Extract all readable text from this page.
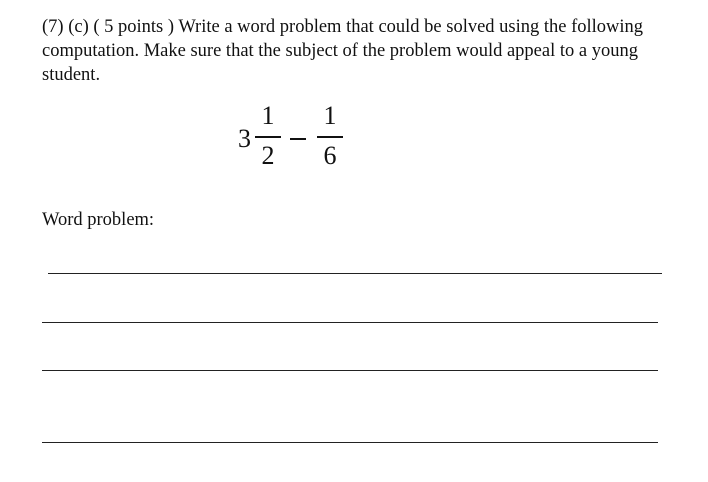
(7) (c) ( 5 points ) Write a word problem that could be solved using the following computation. Make sure that the subject of the problem would appeal to a young student.

3
1
2
1
6
Word problem:
